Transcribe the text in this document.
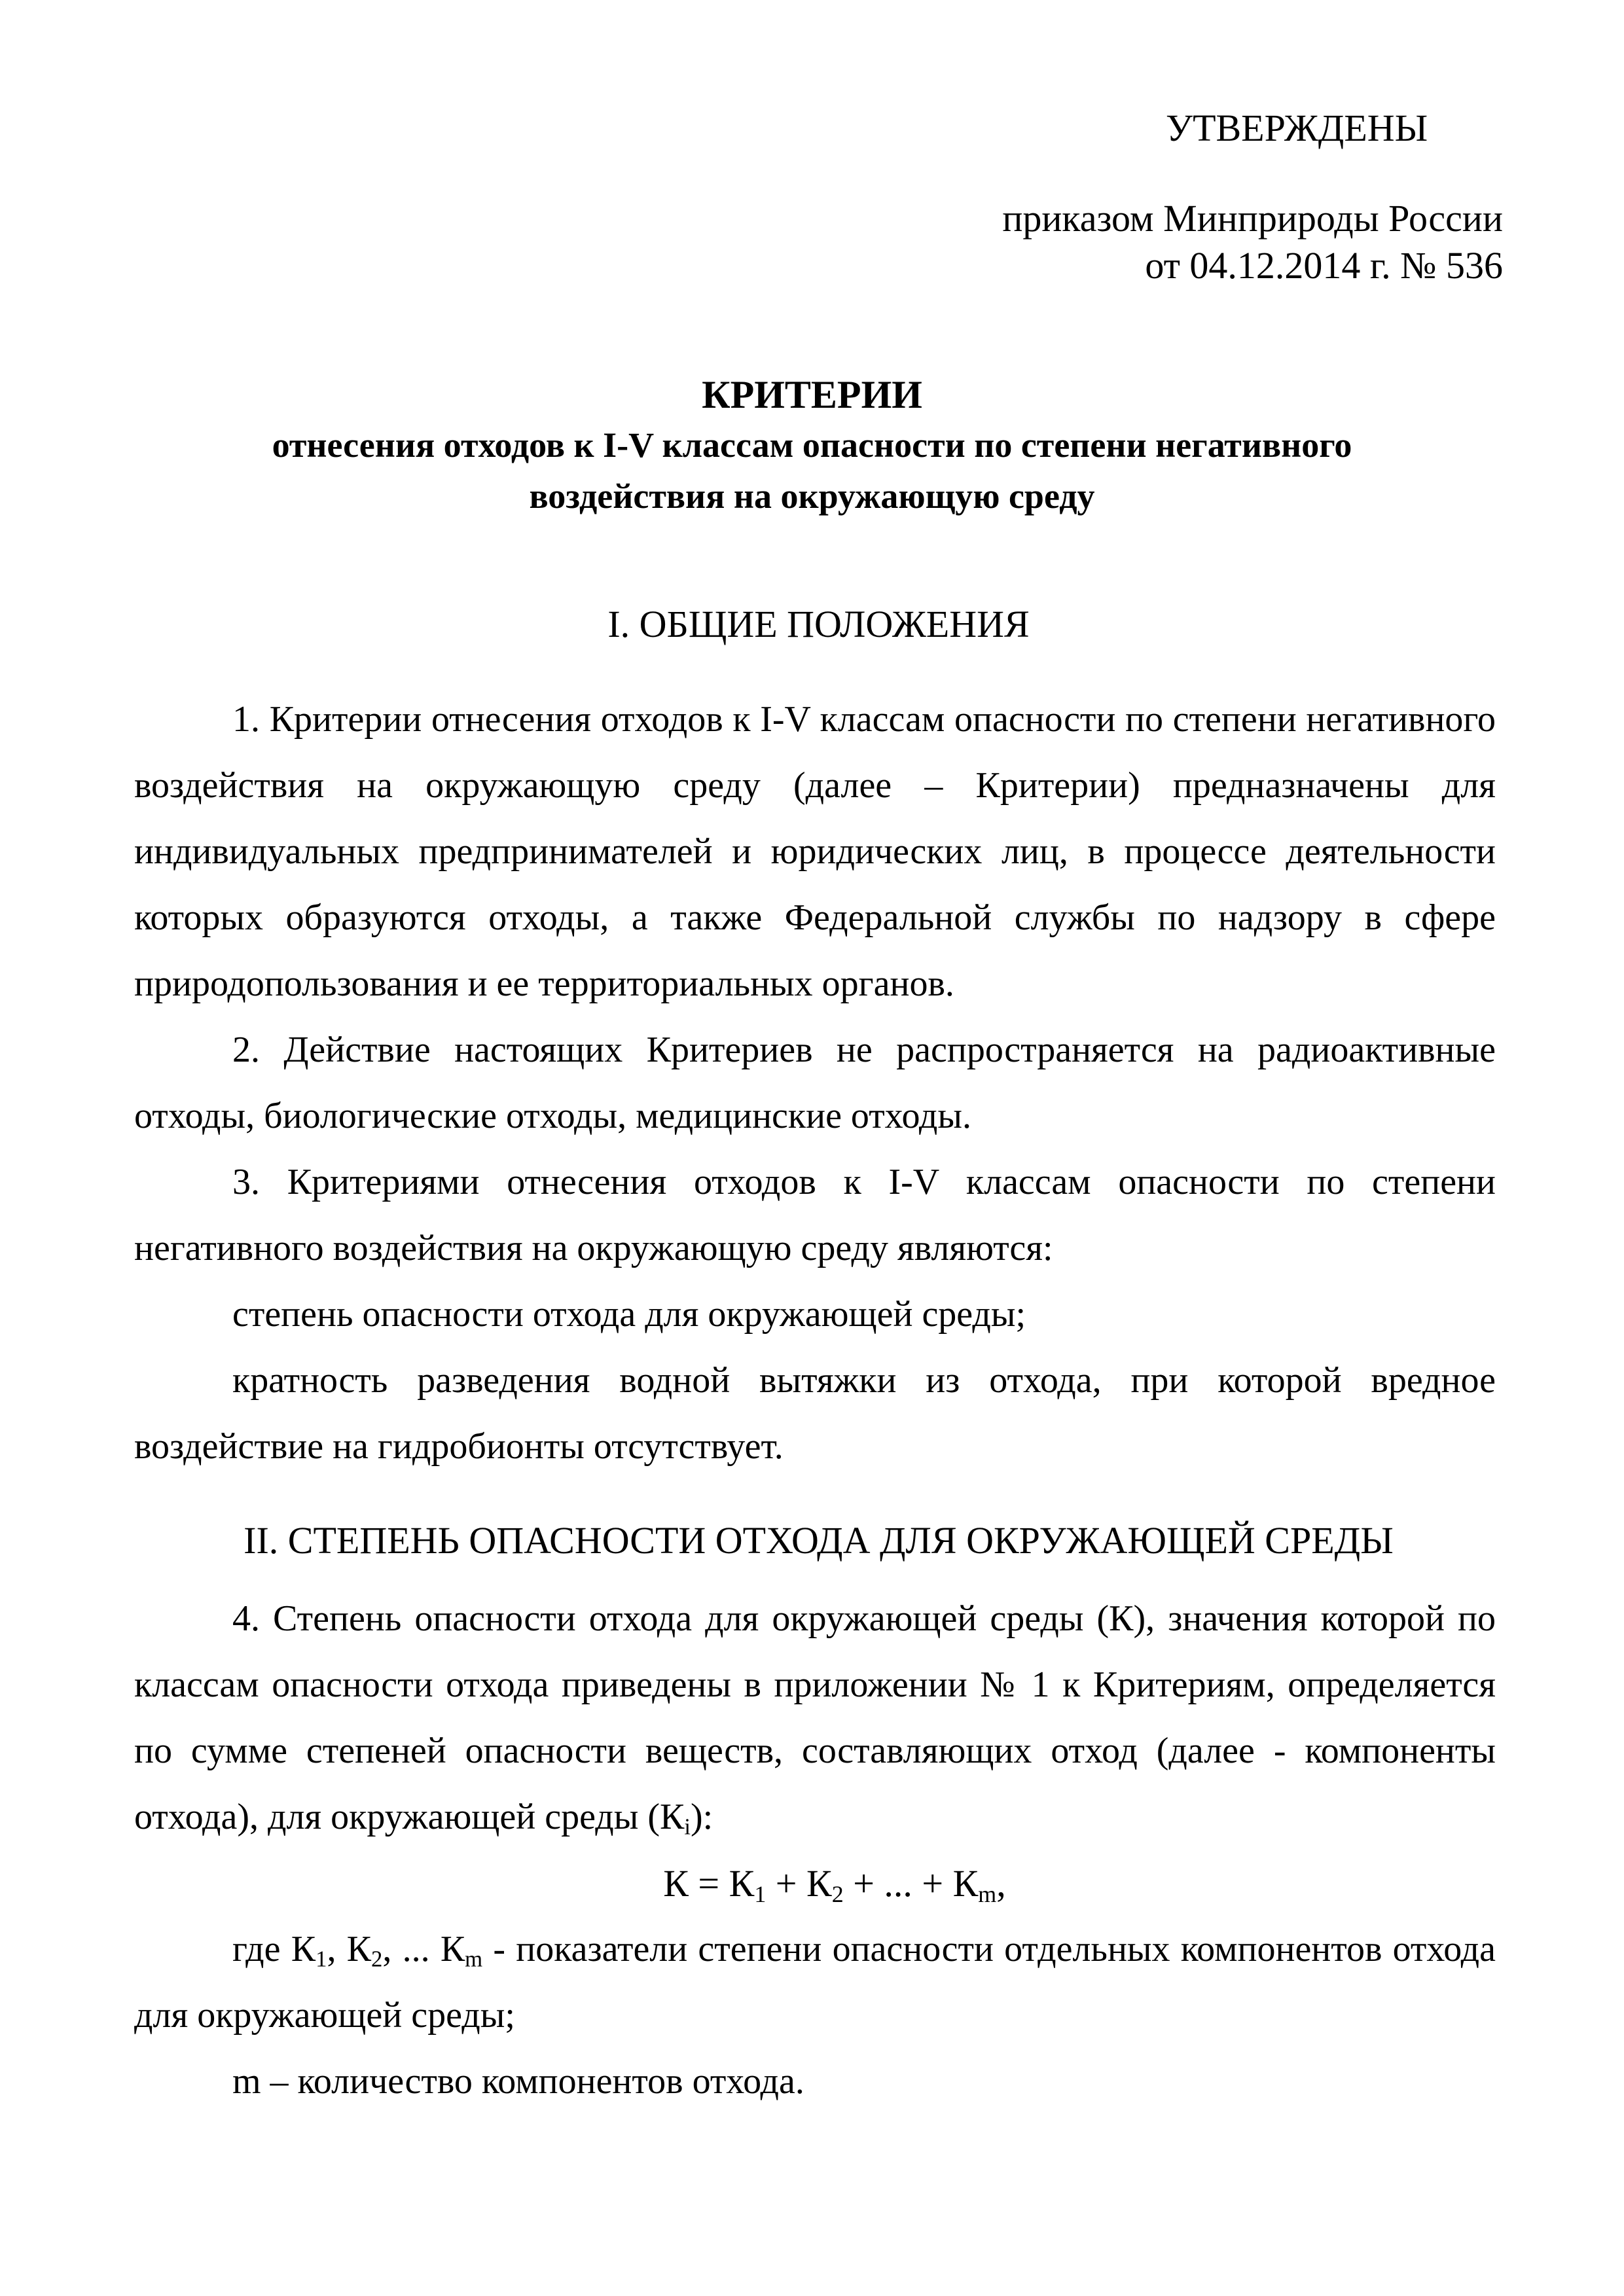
УТВЕРЖДЕНЫ
приказом Минприроды России
от 04.12.2014 г. № 536
КРИТЕРИИ
отнесения отходов к I-V классам опасности по степени негативного
воздействия на окружающую среду
I. ОБЩИЕ ПОЛОЖЕНИЯ

1. Критерии отнесения отходов к I-V классам опасности по степени негативного воздействия на окружающую среду (далее – Критерии) предназначены для индивидуальных предпринимателей и юридических лиц, в процессе деятельности которых образуются отходы, а также Федеральной службы по надзору в сфере природопользования и ее территориальных органов.

2. Действие настоящих Критериев не распространяется на радиоактивные отходы, биологические отходы, медицинские отходы.

3. Критериями отнесения отходов к I-V классам опасности по степени негативного воздействия на окружающую среду являются:

степень опасности отхода для окружающей среды;

кратность разведения водной вытяжки из отхода, при которой вредное воздействие на гидробионты отсутствует.

II. СТЕПЕНЬ ОПАСНОСТИ ОТХОДА ДЛЯ ОКРУЖАЮЩЕЙ СРЕДЫ

4. Степень опасности отхода для окружающей среды (К), значения которой по классам опасности отхода приведены в приложении № 1 к Критериям, определяется по сумме степеней опасности веществ, составляющих отход (далее - компоненты отхода), для окружающей среды $(К_i)$:

$К = К_1 + К_2$ + ... + $К_m$,

где $К_1$, $К_2$, ... $К_m$ - показатели степени опасности отдельных компонентов отхода для окружающей среды;

m – количество компонентов отхода.
